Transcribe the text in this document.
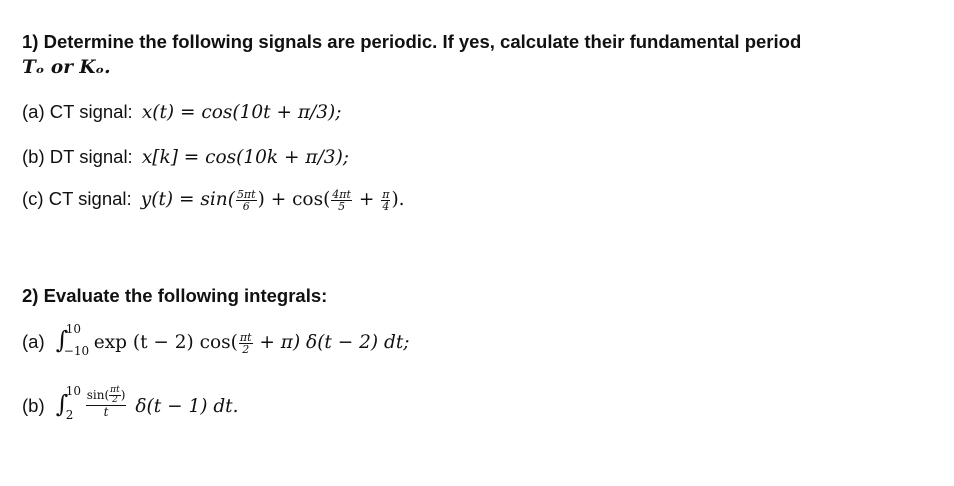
1) Determine the following signals are periodic. If yes, calculate their fundamental period
Tₒ or Kₒ.
(a) CT signal: x(t) = cos(10t + π/3);
(b) DT signal: x[k] = cos(10k + π/3);
(c) CT signal: $y(t) = \sin( \frac{5\pi t}{6}$ ) + $\cos( \frac{4\pi t}{5} + \frac{\pi}{4}$ ).
2) Evaluate the following integrals:
(a) ∫
10
−10 exp (t − 2) $\cos( \frac{\pi t}{2} + \pi)$ δ(t − 2) dt;
(b) ∫
10
$2 \frac{\sin( \frac{\pi t}{2} )}{t} \delta(t - 1)$ dt.
